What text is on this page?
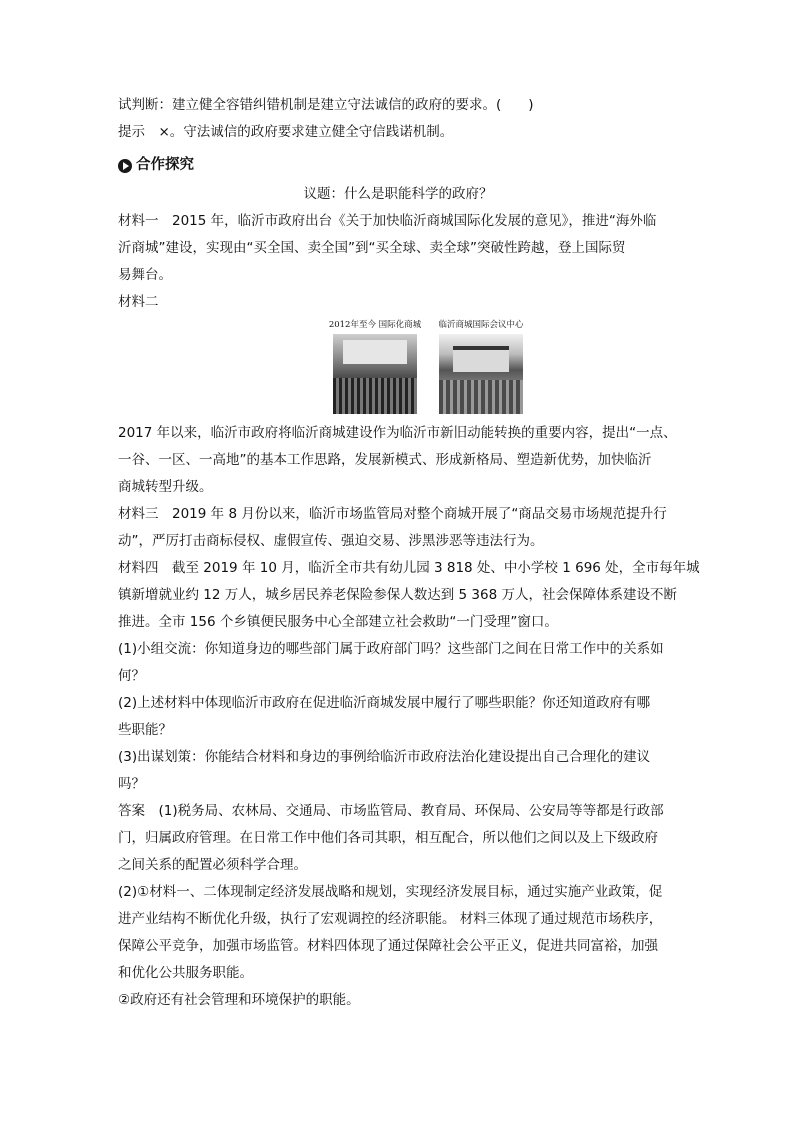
试判断：建立健全容错纠错机制是建立守法诚信的政府的要求。(　　)
提示　×。守法诚信的政府要求建立健全守信践诺机制。
合作探究
议题：什么是职能科学的政府？
材料一　2015 年，临沂市政府出台《关于加快临沂商城国际化发展的意见》，推进“海外临
沂商城”建设，实现由“买全国、卖全国”到“买全球、卖全球”突破性跨越，登上国际贸
易舞台。
材料二
2012年至今 国际化商城 临沂商城国际会议中心
2017 年以来，临沂市政府将临沂商城建设作为临沂市新旧动能转换的重要内容，提出“一点、
一谷、一区、一高地”的基本工作思路，发展新模式、形成新格局、塑造新优势，加快临沂
商城转型升级。
材料三　2019 年 8 月份以来，临沂市场监管局对整个商城开展了“商品交易市场规范提升行
动”，严厉打击商标侵权、虚假宣传、强迫交易、涉黑涉恶等违法行为。
材料四　截至 2019 年 10 月，临沂全市共有幼儿园 3 818 处、中小学校 1 696 处，全市每年城
镇新增就业约 12 万人，城乡居民养老保险参保人数达到 5 368 万人，社会保障体系建设不断
推进。全市 156 个乡镇便民服务中心全部建立社会救助“一门受理”窗口。
(1)小组交流：你知道身边的哪些部门属于政府部门吗？这些部门之间在日常工作中的关系如
何？
(2)上述材料中体现临沂市政府在促进临沂商城发展中履行了哪些职能？你还知道政府有哪
些职能？
(3)出谋划策：你能结合材料和身边的事例给临沂市政府法治化建设提出自己合理化的建议
吗？
答案　(1)税务局、农林局、交通局、市场监管局、教育局、环保局、公安局等等都是行政部
门，归属政府管理。在日常工作中他们各司其职，相互配合，所以他们之间以及上下级政府
之间关系的配置必须科学合理。
(2)①材料一、二体现制定经济发展战略和规划，实现经济发展目标，通过实施产业政策，促
进产业结构不断优化升级，执行了宏观调控的经济职能。 材料三体现了通过规范市场秩序，
保障公平竞争，加强市场监管。材料四体现了通过保障社会公平正义，促进共同富裕，加强
和优化公共服务职能。
②政府还有社会管理和环境保护的职能。
